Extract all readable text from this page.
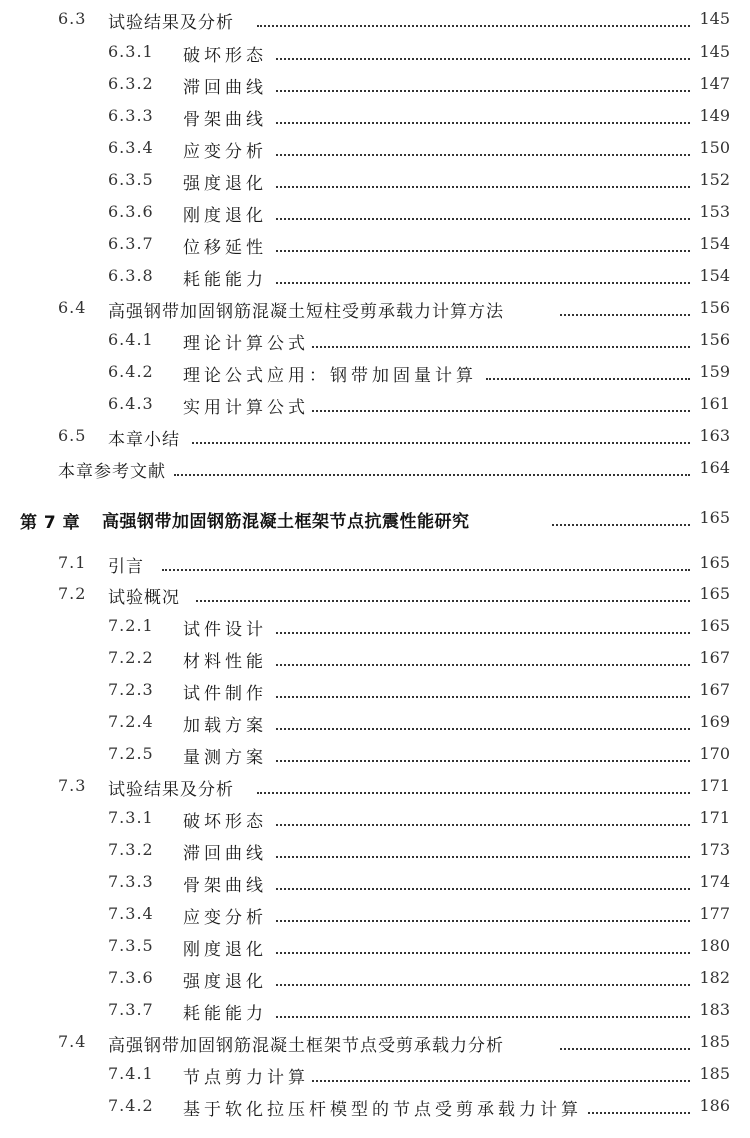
6.3 试验结果及分析	145
6.3.1 破坏形态	145
6.3.2 滞回曲线	147
6.3.3 骨架曲线	149
6.3.4 应变分析	150
6.3.5 强度退化	152
6.3.6 刚度退化	153
6.3.7 位移延性	154
6.3.8 耗能能力	154
6.4 高强钢带加固钢筋混凝土短柱受剪承载力计算方法	156
6.4.1 理论计算公式	156
6.4.2 理论公式应用：钢带加固量计算	159
6.4.3 实用计算公式	161
6.5 本章小结	163
本章参考文献	164
第 7 章 高强钢带加固钢筋混凝土框架节点抗震性能研究	165
7.1 引言	165
7.2 试验概况	165
7.2.1 试件设计	165
7.2.2 材料性能	167
7.2.3 试件制作	167
7.2.4 加载方案	169
7.2.5 量测方案	170
7.3 试验结果及分析	171
7.3.1 破坏形态	171
7.3.2 滞回曲线	173
7.3.3 骨架曲线	174
7.3.4 应变分析	177
7.3.5 刚度退化	180
7.3.6 强度退化	182
7.3.7 耗能能力	183
7.4 高强钢带加固钢筋混凝土框架节点受剪承载力分析	185
7.4.1 节点剪力计算	185
7.4.2 基于软化拉压杆模型的节点受剪承载力计算	186
